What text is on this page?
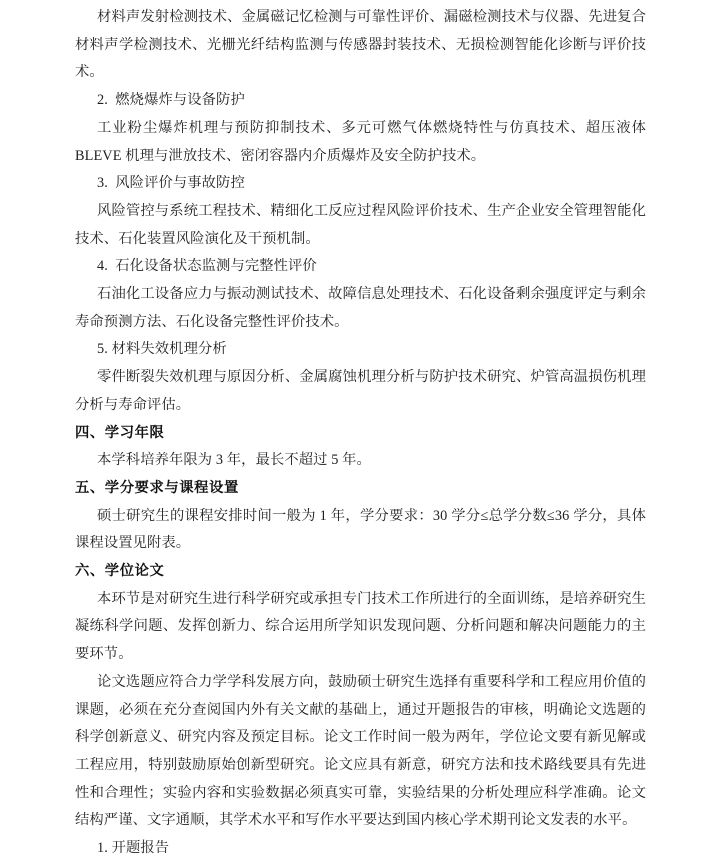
材料声发射检测技术、金属磁记忆检测与可靠性评价、漏磁检测技术与仪器、先进复合材料声学检测技术、光栅光纤结构监测与传感器封装技术、无损检测智能化诊断与评价技术。
2.  燃烧爆炸与设备防护
工业粉尘爆炸机理与预防抑制技术、多元可燃气体燃烧特性与仿真技术、超压液体BLEVE 机理与泄放技术、密闭容器内介质爆炸及安全防护技术。
3.  风险评价与事故防控
风险管控与系统工程技术、精细化工反应过程风险评价技术、生产企业安全管理智能化技术、石化装置风险演化及干预机制。
4.  石化设备状态监测与完整性评价
石油化工设备应力与振动测试技术、故障信息处理技术、石化设备剩余强度评定与剩余寿命预测方法、石化设备完整性评价技术。
5. 材料失效机理分析
零件断裂失效机理与原因分析、金属腐蚀机理分析与防护技术研究、炉管高温损伤机理分析与寿命评估。
四、学习年限
本学科培养年限为 3 年，最长不超过 5 年。
五、学分要求与课程设置
硕士研究生的课程安排时间一般为 1 年，学分要求：30 学分≤总学分数≤36 学分，具体课程设置见附表。
六、学位论文
本环节是对研究生进行科学研究或承担专门技术工作所进行的全面训练，是培养研究生凝练科学问题、发挥创新力、综合运用所学知识发现问题、分析问题和解决问题能力的主要环节。
论文选题应符合力学学科发展方向，鼓励硕士研究生选择有重要科学和工程应用价值的课题，必须在充分查阅国内外有关文献的基础上，通过开题报告的审核，明确论文选题的科学创新意义、研究内容及预定目标。论文工作时间一般为两年，学位论文要有新见解或工程应用，特别鼓励原始创新型研究。论文应具有新意，研究方法和技术路线要具有先进性和合理性；实验内容和实验数据必须真实可靠，实验结果的分析处理应科学准确。论文结构严谨、文字通顺，其学术水平和写作水平要达到国内核心学术期刊论文发表的水平。
1. 开题报告
